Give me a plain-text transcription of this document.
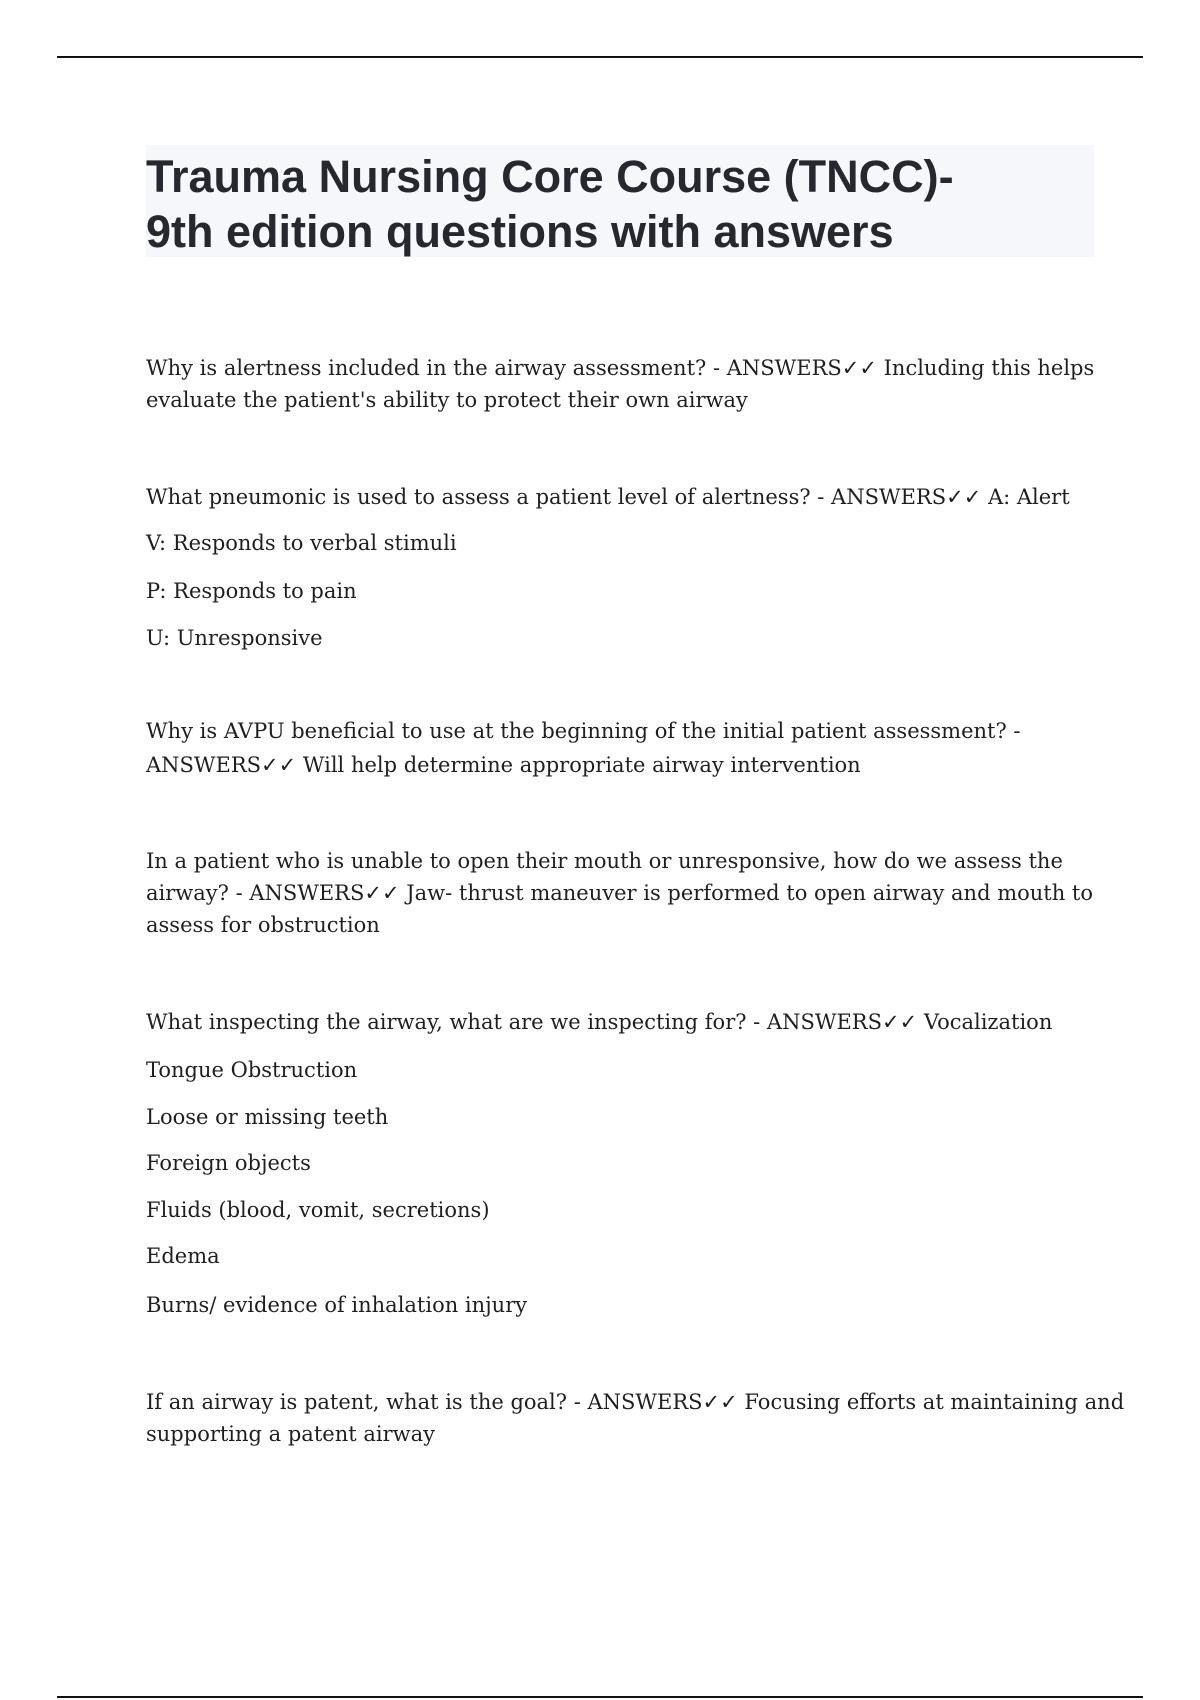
Trauma Nursing Core Course (TNCC)-
9th edition questions with answers
Why is alertness included in the airway assessment? - ANSWERS✓✓ Including this helps
evaluate the patient's ability to protect their own airway
What pneumonic is used to assess a patient level of alertness? - ANSWERS✓✓ A: Alert
V: Responds to verbal stimuli
P: Responds to pain
U: Unresponsive
Why is AVPU beneficial to use at the beginning of the initial patient assessment? -
ANSWERS✓✓ Will help determine appropriate airway intervention
In a patient who is unable to open their mouth or unresponsive, how do we assess the
airway? - ANSWERS✓✓ Jaw- thrust maneuver is performed to open airway and mouth to
assess for obstruction
What inspecting the airway, what are we inspecting for? - ANSWERS✓✓ Vocalization
Tongue Obstruction
Loose or missing teeth
Foreign objects
Fluids (blood, vomit, secretions)
Edema
Burns/ evidence of inhalation injury
If an airway is patent, what is the goal? - ANSWERS✓✓ Focusing efforts at maintaining and
supporting a patent airway
